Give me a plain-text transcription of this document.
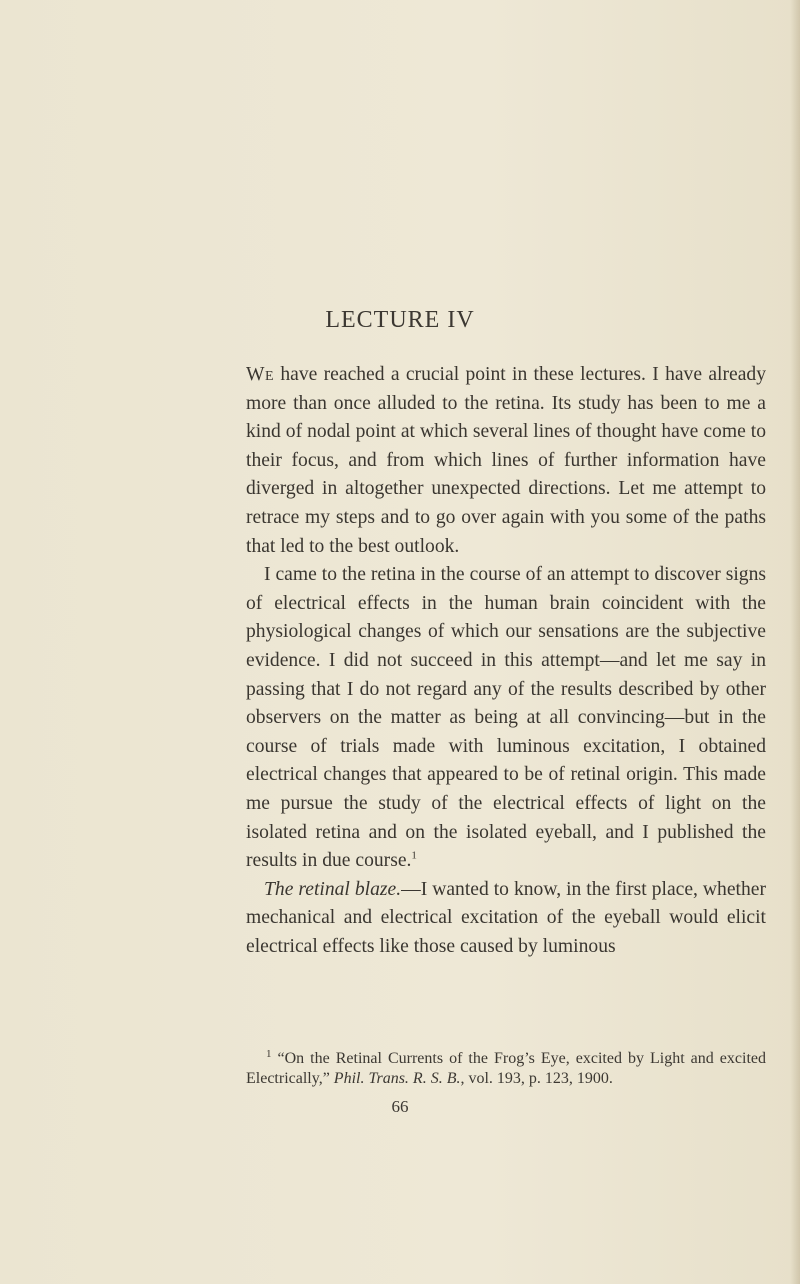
LECTURE IV

We have reached a crucial point in these lectures. I have already more than once alluded to the retina. Its study has been to me a kind of nodal point at which several lines of thought have come to their focus, and from which lines of further information have diverged in altogether unexpected directions. Let me attempt to retrace my steps and to go over again with you some of the paths that led to the best outlook.

I came to the retina in the course of an attempt to discover signs of electrical effects in the human brain coincident with the physiological changes of which our sensations are the subjective evidence. I did not succeed in this attempt—and let me say in passing that I do not regard any of the results described by other observers on the matter as being at all convincing—but in the course of trials made with luminous excitation, I obtained electrical changes that appeared to be of retinal origin. This made me pursue the study of the electrical effects of light on the isolated retina and on the isolated eyeball, and I published the results in due course.$^1$

The retinal blaze.—I wanted to know, in the first place, whether mechanical and electrical excitation of the eyeball would elicit electrical effects like those caused by luminous

$^1$ “On the Retinal Currents of the Frog’s Eye, excited by Light and excited Electrically,” Phil. Trans. R. S. B., vol. 193, p. 123, 1900.
66
